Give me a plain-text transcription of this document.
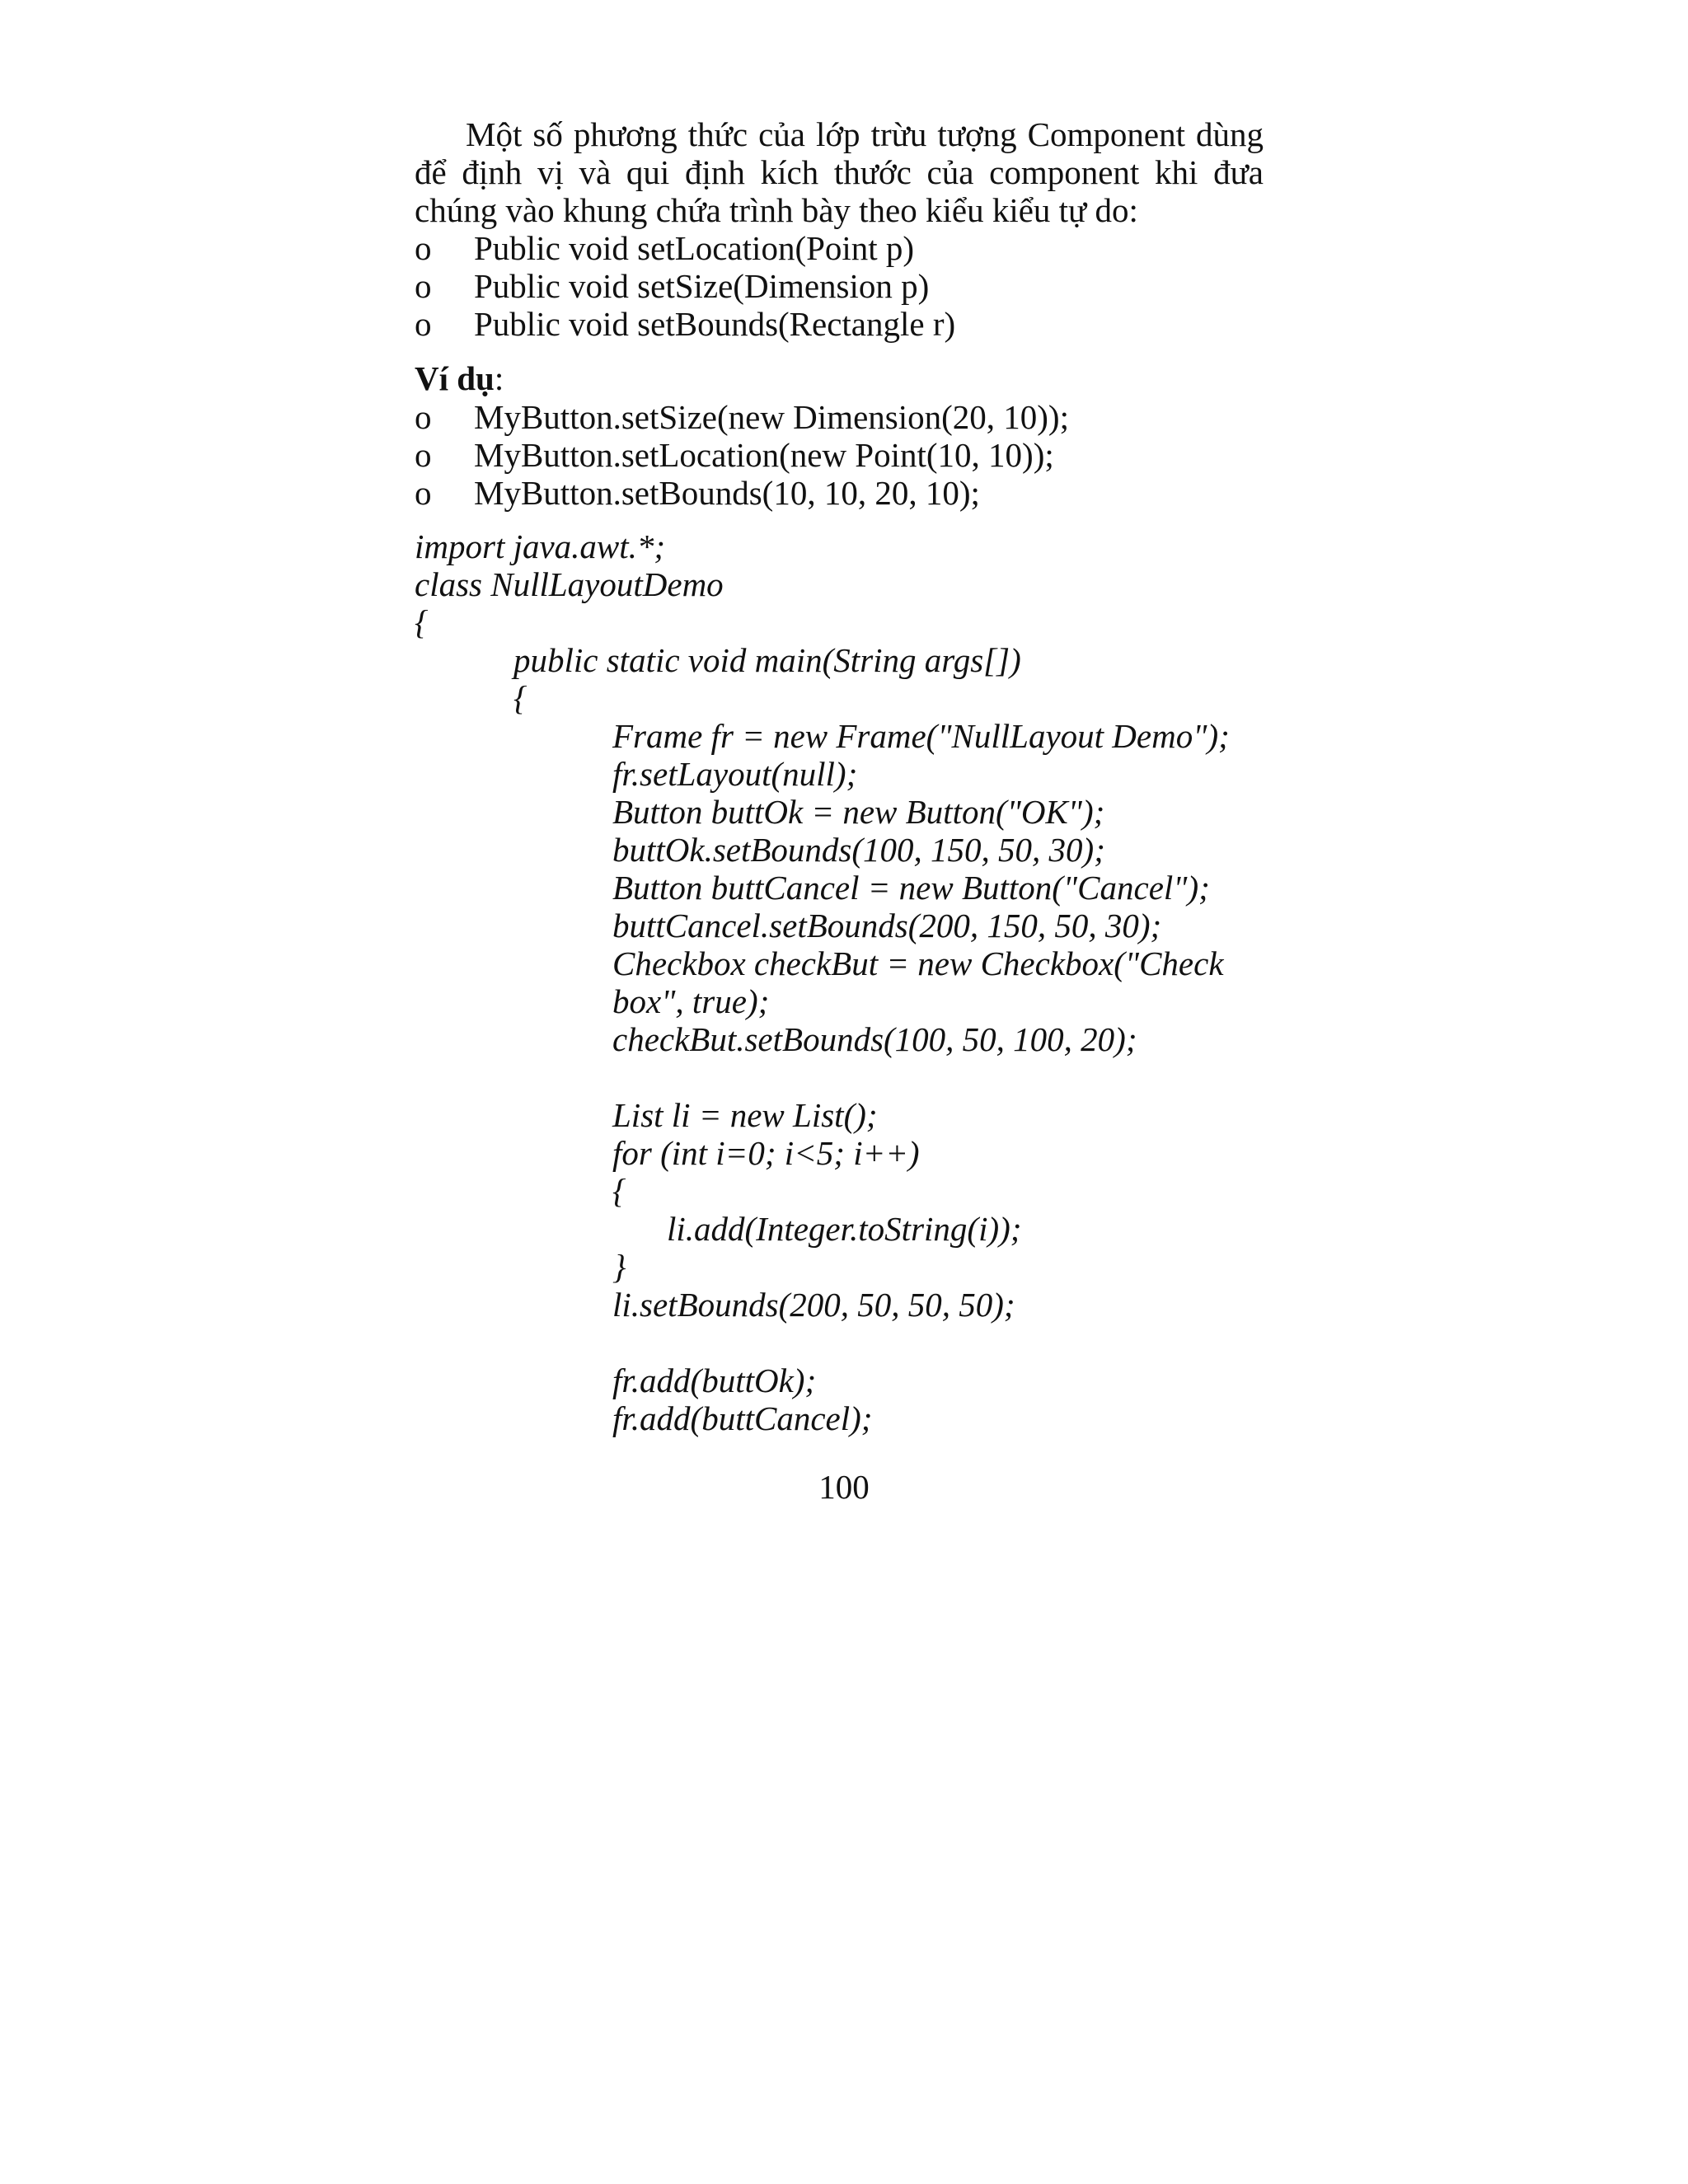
Một số phương thức của lớp trừu tượng Component dùng để định vị và qui định kích thước của component khi đưa chúng vào khung chứa trình bày theo kiểu kiểu tự do:

o Public void setLocation(Point p)
o Public void setSize(Dimension p)
o Public void setBounds(Rectangle r)

Ví dụ:

o MyButton.setSize(new Dimension(20, 10));
o MyButton.setLocation(new Point(10, 10));
o MyButton.setBounds(10, 10, 20, 10);
import java.awt.*;
class NullLayoutDemo
{
public static void main(String args[])
{
Frame fr = new Frame("NullLayout Demo");
fr.setLayout(null);
Button buttOk = new Button("OK");
buttOk.setBounds(100, 150, 50, 30);
Button buttCancel = new Button("Cancel");
buttCancel.setBounds(200, 150, 50, 30);
Checkbox checkBut = new Checkbox("Check
box", true);
checkBut.setBounds(100, 50, 100, 20);
List li = new List();
for (int i=0; i<5; i++)
{
li.add(Integer.toString(i));
}
li.setBounds(200, 50, 50, 50);
fr.add(buttOk);
fr.add(buttCancel);
100
